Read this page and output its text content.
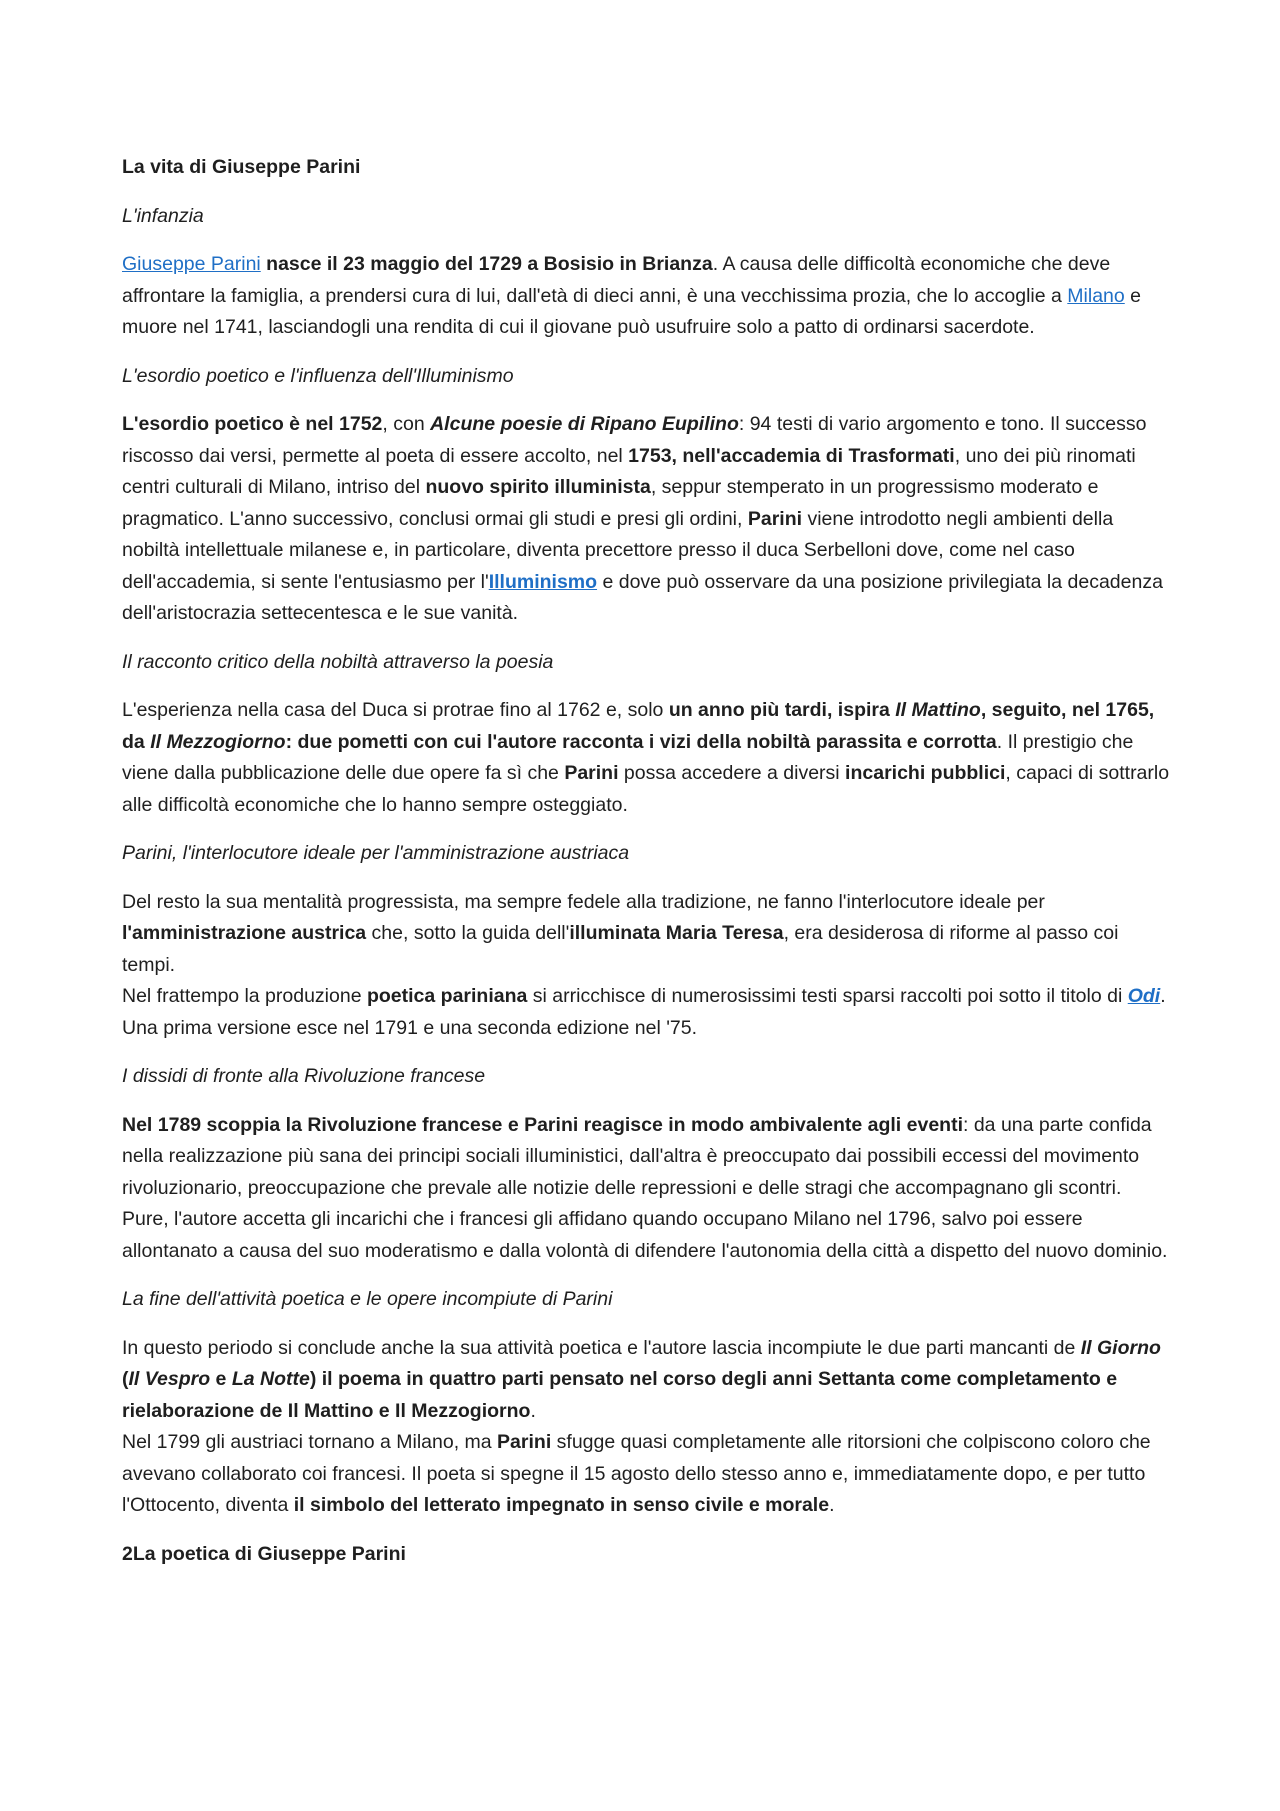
La vita di Giuseppe Parini

L'infanzia

Giuseppe Parini nasce il 23 maggio del 1729 a Bosisio in Brianza. A causa delle difficoltà economiche che deve affrontare la famiglia, a prendersi cura di lui, dall'età di dieci anni, è una vecchissima prozia, che lo accoglie a Milano e muore nel 1741, lasciandogli una rendita di cui il giovane può usufruire solo a patto di ordinarsi sacerdote.

L'esordio poetico e l'influenza dell'Illuminismo

L'esordio poetico è nel 1752, con Alcune poesie di Ripano Eupilino: 94 testi di vario argomento e tono. Il successo riscosso dai versi, permette al poeta di essere accolto, nel 1753, nell'accademia di Trasformati, uno dei più rinomati centri culturali di Milano, intriso del nuovo spirito illuminista, seppur stemperato in un progressismo moderato e pragmatico. L'anno successivo, conclusi ormai gli studi e presi gli ordini, Parini viene introdotto negli ambienti della nobiltà intellettuale milanese e, in particolare, diventa precettore presso il duca Serbelloni dove, come nel caso dell'accademia, si sente l'entusiasmo per l'Illuminismo e dove può osservare da una posizione privilegiata la decadenza dell'aristocrazia settecentesca e le sue vanità.

Il racconto critico della nobiltà attraverso la poesia

L'esperienza nella casa del Duca si protrae fino al 1762 e, solo un anno più tardi, ispira Il Mattino, seguito, nel 1765, da Il Mezzogiorno: due pometti con cui l'autore racconta i vizi della nobiltà parassita e corrotta. Il prestigio che viene dalla pubblicazione delle due opere fa sì che Parini possa accedere a diversi incarichi pubblici, capaci di sottrarlo alle difficoltà economiche che lo hanno sempre osteggiato.

Parini, l'interlocutore ideale per l'amministrazione austriaca

Del resto la sua mentalità progressista, ma sempre fedele alla tradizione, ne fanno l'interlocutore ideale per l'amministrazione austrica che, sotto la guida dell'illuminata Maria Teresa, era desiderosa di riforme al passo coi tempi.
Nel frattempo la produzione poetica pariniana si arricchisce di numerosissimi testi sparsi raccolti poi sotto il titolo di Odi. Una prima versione esce nel 1791 e una seconda edizione nel '75.

I dissidi di fronte alla Rivoluzione francese

Nel 1789 scoppia la Rivoluzione francese e Parini reagisce in modo ambivalente agli eventi: da una parte confida nella realizzazione più sana dei principi sociali illuministici, dall'altra è preoccupato dai possibili eccessi del movimento rivoluzionario, preoccupazione che prevale alle notizie delle repressioni e delle stragi che accompagnano gli scontri. Pure, l'autore accetta gli incarichi che i francesi gli affidano quando occupano Milano nel 1796, salvo poi essere allontanato a causa del suo moderatismo e dalla volontà di difendere l'autonomia della città a dispetto del nuovo dominio.

La fine dell'attività poetica e le opere incompiute di Parini

In questo periodo si conclude anche la sua attività poetica e l'autore lascia incompiute le due parti mancanti de Il Giorno (Il Vespro e La Notte) il poema in quattro parti pensato nel corso degli anni Settanta come completamento e rielaborazione de Il Mattino e Il Mezzogiorno.
Nel 1799 gli austriaci tornano a Milano, ma Parini sfugge quasi completamente alle ritorsioni che colpiscono coloro che avevano collaborato coi francesi. Il poeta si spegne il 15 agosto dello stesso anno e, immediatamente dopo, e per tutto l'Ottocento, diventa il simbolo del letterato impegnato in senso civile e morale.

2La poetica di Giuseppe Parini
